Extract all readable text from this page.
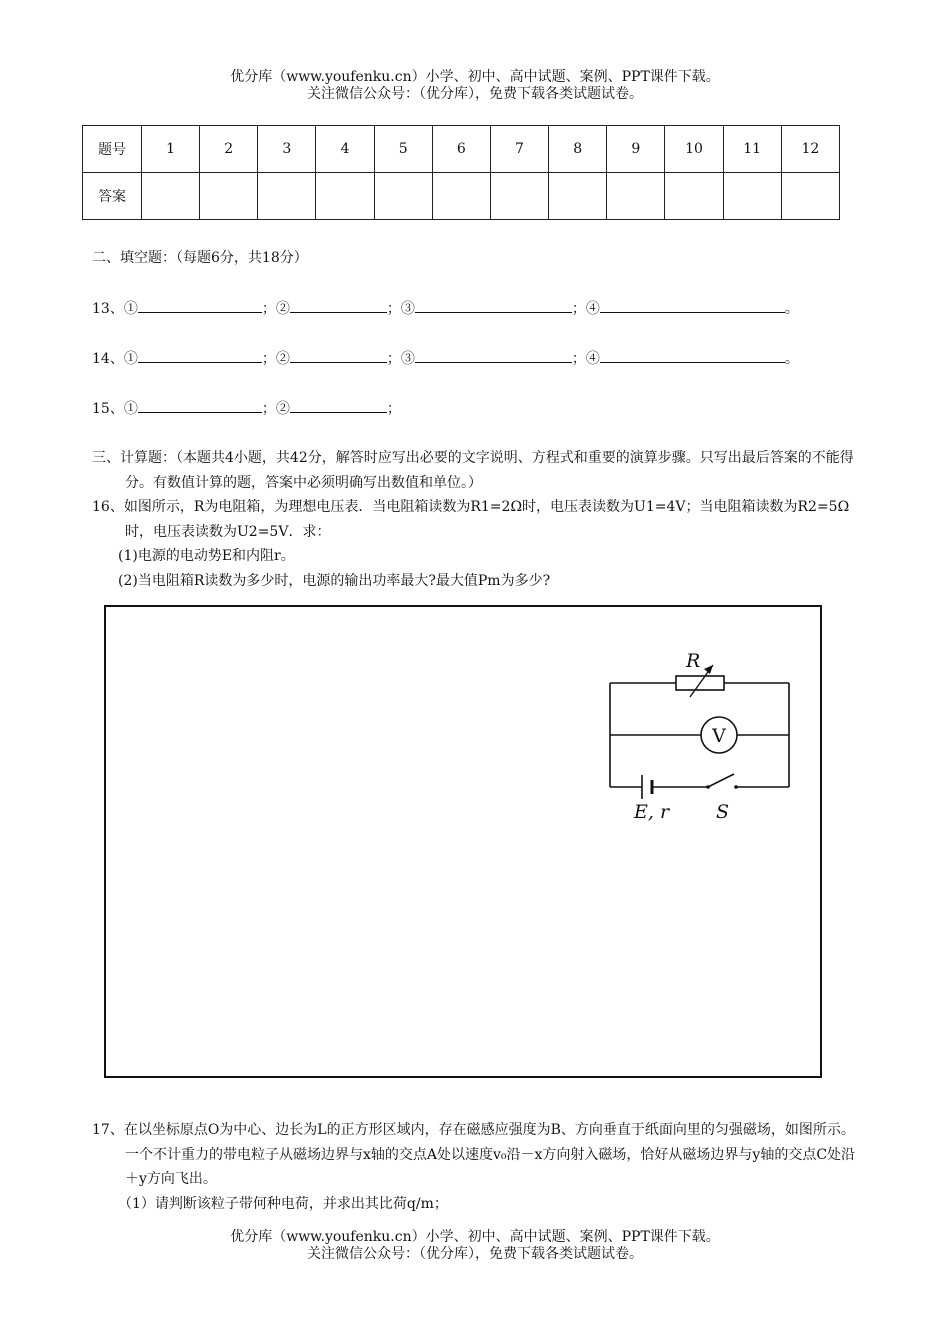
优分库（www.youfenku.cn）小学、初中、高中试题、案例、PPT课件下载。
关注微信公众号：（优分库），免费下载各类试题试卷。
题号	1	2	3	4	5	6	7	8	9	10	11	12
答案												
二、填空题：（每题6分，共18分）
13、①	；②	；③	；④	。
14、①	；②	；③	；④	。
15、①	；②	；
三、计算题：（本题共4小题，共42分，解答时应写出必要的文字说明、方程式和重要的演算步骤。只写出最后答案的不能得分。有数值计算的题，答案中必须明确写出数值和单位。）
16、如图所示，R为电阻箱，为理想电压表．当电阻箱读数为R1=2Ω时，电压表读数为U1=4V；当电阻箱读数为R2=5Ω时，电压表读数为U2=5V．求：
(1)电源的电动势E和内阻r。
(2)当电阻箱R读数为多少时，电源的输出功率最大?最大值Pm为多少?
R
V
E, r S
17、在以坐标原点O为中心、边长为L的正方形区域内，存在磁感应强度为B、方向垂直于纸面向里的匀强磁场，如图所示。一个不计重力的带电粒子从磁场边界与x轴的交点A处以速度v₀沿－x方向射入磁场，恰好从磁场边界与y轴的交点C处沿＋y方向飞出。
（1）请判断该粒子带何种电荷，并求出其比荷q/m；
优分库（www.youfenku.cn）小学、初中、高中试题、案例、PPT课件下载。
关注微信公众号：（优分库），免费下载各类试题试卷。
